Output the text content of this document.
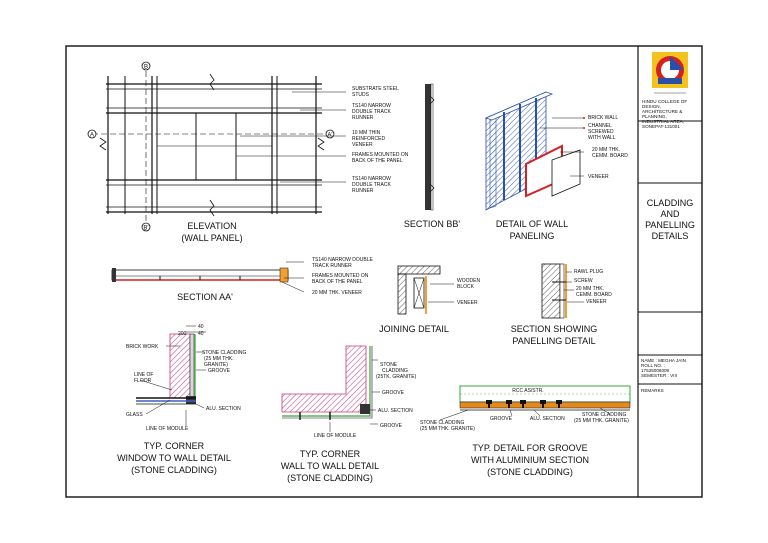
B
B'
A	A'
SUBSTRATE STEEL
STUDS
TS140 NARROW
DOUBLE TRACK
RUNNER
10 MM THIN
REINFORCED
VENEER
FRAMES MOUNTED ON
BACK OF THE PANEL
TS140 NARROW
DOUBLE TRACK
RUNNER
ELEVATION
(WALL PANEL)
SECTION BB'
BRICK WALL
CHANNEL
SCREWED
WITH WALL
20 MM THK.
CEMM. BOARD
VENEER
DETAIL OF WALL
PANELING
TS140 NARROW DOUBLE
TRACK RUNNER
FRAMES MOUNTED ON
BACK OF THE PANEL
20 MM THK. VENEER
SECTION AA'
WOODEN
BLOCK
VENEER
JOINING DETAIL
RAWL PLUG
SCREW
20 MM THK.
CEMM. BOARD
VENEER
SECTION SHOWING
PANELLING DETAIL
40
200 40
BRICK WORK
STONE CLADDING
(25 MM THK.
GRANITE)
GROOVE
LINE OF
FLOOR
GLASS
ALU. SECTION
LINE OF MODULE
TYP. CORNER
WINDOW TO WALL DETAIL
(STONE CLADDING)
STONE
CLADDING
(25TK. GRANITE)
GROOVE
ALU. SECTION
GROOVE
LINE OF MODULE
TYP. CORNER
WALL TO WALL DETAIL
(STONE CLADDING)
RCC AS/STR.
STONE CLADDING
(25 MM THK. GRANITE)
GROOVE	ALU. SECTION
STONE CLADDING
(25 MM THK. GRANITE)
TYP. DETAIL FOR GROOVE
WITH ALUMINIUM SECTION
(STONE CLADDING)
HINDU COLLEGE OF
DESIGN,
ARCHITECTURE &
PLANNING,
INDUSTRIAL AREA,
SONEPAT-131001
CLADDING
AND
PANELLING
DETAILS
NAME : MEGHA JAIN
ROLL NO. :
17535006009
SEMESTER : VIII
REMARKS
